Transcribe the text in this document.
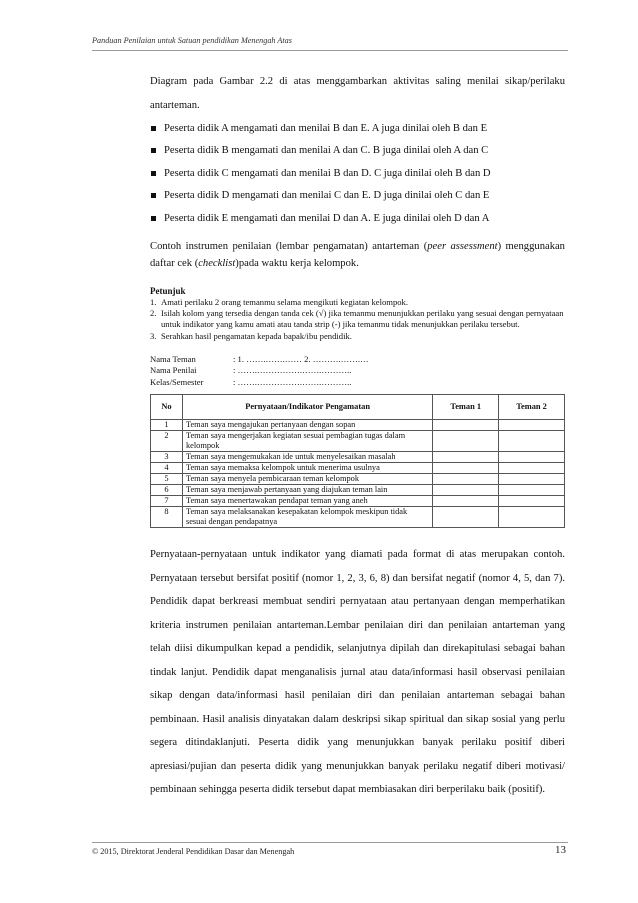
Panduan Penilaian untuk Satuan pendidikan Menengah Atas
Diagram pada Gambar 2.2 di atas menggambarkan aktivitas saling menilai sikap/perilaku antarteman.
Peserta didik A mengamati dan menilai B dan E. A juga dinilai oleh B dan E
Peserta didik B mengamati dan menilai A dan C. B juga dinilai oleh A dan C
Peserta didik C mengamati dan menilai B dan D. C juga dinilai oleh B dan D
Peserta didik D mengamati dan menilai C dan E. D juga dinilai oleh C dan E
Peserta didik E mengamati dan menilai D dan A. E juga dinilai oleh D dan A
Contoh instrumen penilaian (lembar pengamatan) antarteman (peer assessment) menggunakan daftar cek (checklist)pada waktu kerja kelompok.
Petunjuk
1. Amati perilaku 2 orang temanmu selama mengikuti kegiatan kelompok.
2. Isilah kolom yang tersedia dengan tanda cek (√) jika temanmu menunjukkan perilaku yang sesuai dengan pernyataan untuk indikator yang kamu amati atau tanda strip (-) jika temanmu tidak menunjukkan perilaku tersebut.
3. Serahkan hasil pengamatan kepada bapak/ibu pendidik.
Nama Teman	: 1. …….…….…… 2. ……….…….…
Nama Penilai	: …….…………….…….………..
Kelas/Semester	: …….…………….…….………..
No	Pernyataan/Indikator Pengamatan	Teman 1	Teman 2
1	Teman saya mengajukan pertanyaan dengan sopan		
2	Teman saya mengerjakan kegiatan sesuai pembagian tugas dalam kelompok		
3	Teman saya mengemukakan ide untuk menyelesaikan masalah		
4	Teman saya memaksa kelompok untuk menerima usulnya		
5	Teman saya menyela pembicaraan teman kelompok		
6	Teman saya menjawab pertanyaan yang diajukan teman lain		
7	Teman saya menertawakan pendapat teman yang aneh		
8	Teman saya melaksanakan kesepakatan kelompok meskipun tidak sesuai dengan pendapatnya		
Pernyataan-pernyataan untuk indikator yang diamati pada format di atas merupakan contoh. Pernyataan tersebut bersifat positif (nomor 1, 2, 3, 6, 8) dan bersifat negatif (nomor 4, 5, dan 7). Pendidik dapat berkreasi membuat sendiri pernyataan atau pertanyaan dengan memperhatikan kriteria instrumen penilaian antarteman.Lembar penilaian diri dan penilaian antarteman yang telah diisi dikumpulkan kepad a pendidik, selanjutnya dipilah dan direkapitulasi sebagai bahan tindak lanjut. Pendidik dapat menganalisis jurnal atau data/informasi hasil observasi penilaian sikap dengan data/informasi hasil penilaian diri dan penilaian antarteman sebagai bahan pembinaan. Hasil analisis dinyatakan dalam deskripsi sikap spiritual dan sikap sosial yang perlu segera ditindaklanjuti. Peserta didik yang menunjukkan banyak perilaku positif diberi apresiasi/pujian dan peserta didik yang menunjukkan banyak perilaku negatif diberi motivasi/ pembinaan sehingga peserta didik tersebut dapat membiasakan diri berperilaku baik (positif).
© 2015, Direktorat Jenderal Pendidikan Dasar dan Menengah	13
